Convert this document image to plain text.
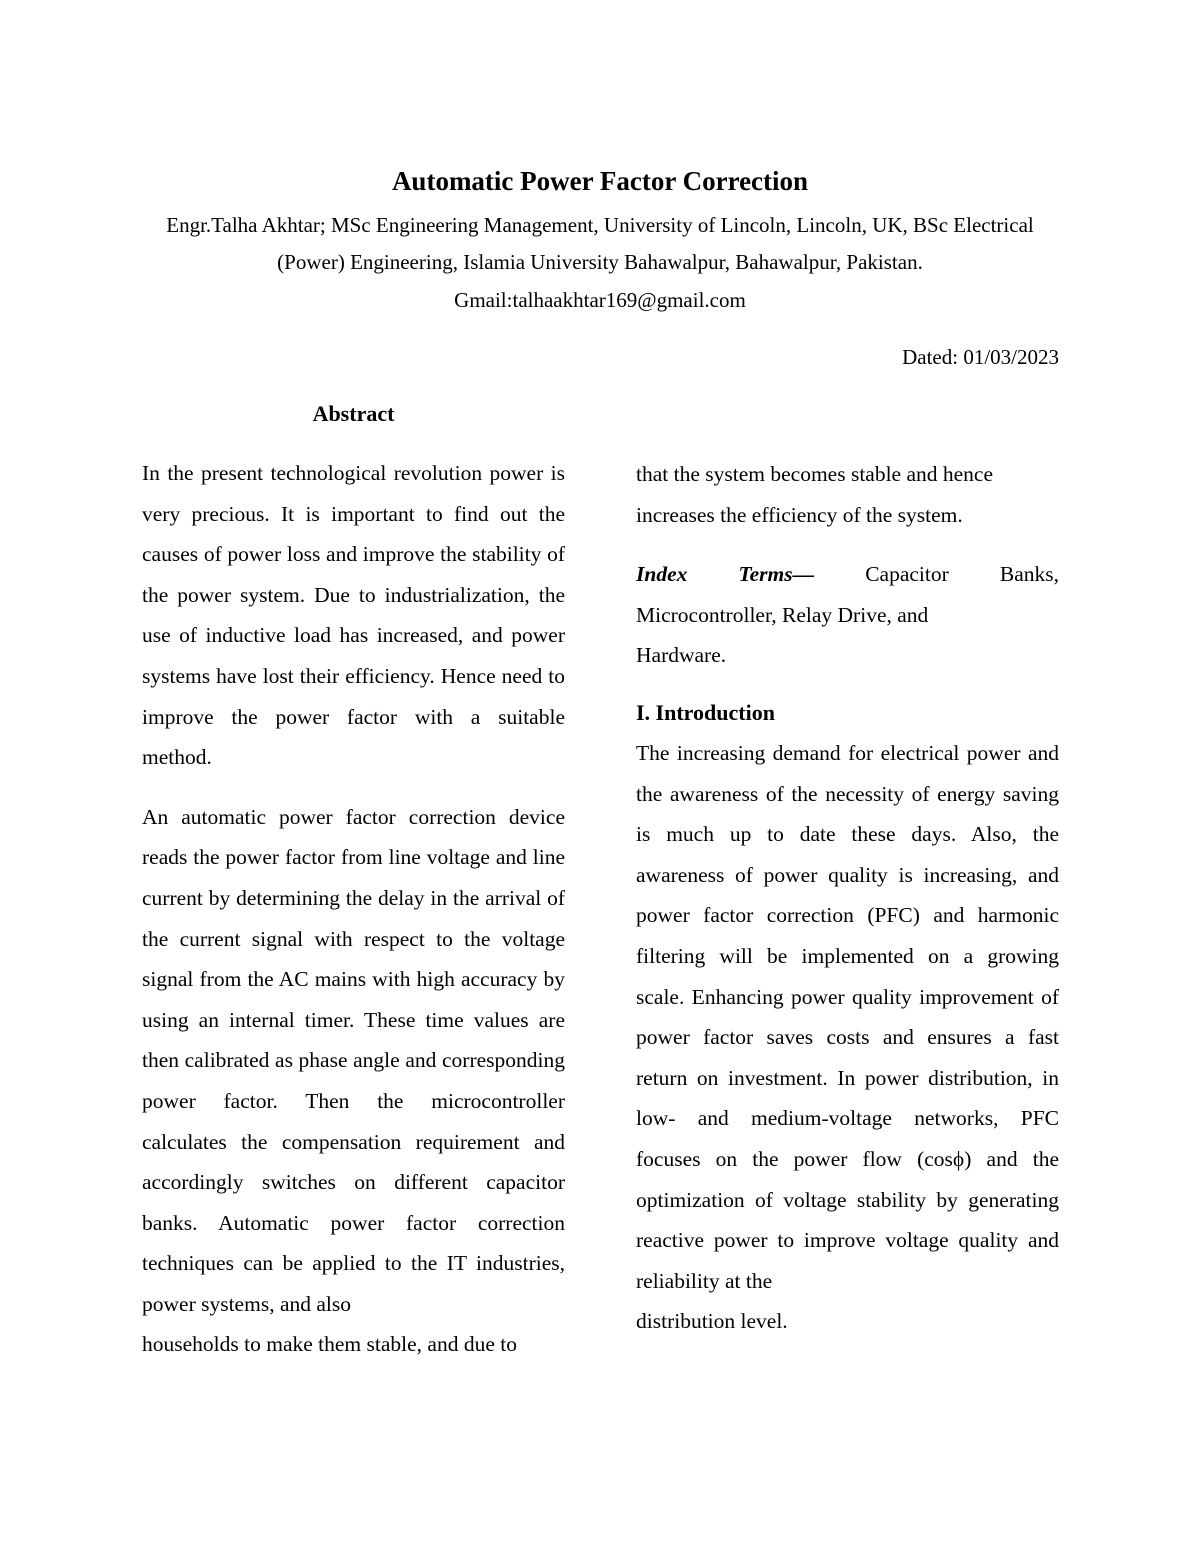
Automatic Power Factor Correction
Engr.Talha Akhtar; MSc Engineering Management, University of Lincoln, Lincoln, UK, BSc Electrical
(Power) Engineering, Islamia University Bahawalpur, Bahawalpur, Pakistan.
Gmail:talhaakhtar169@gmail.com
Dated: 01/03/2023
Abstract

In the present technological revolution power is very precious. It is important to find out the causes of power loss and improve the stability of the power system. Due to industrialization, the use of inductive load has increased, and power systems have lost their efficiency. Hence need to improve the power factor with a suitable method.

An automatic power factor correction device reads the power factor from line voltage and line current by determining the delay in the arrival of the current signal with respect to the voltage signal from the AC mains with high accuracy by using an internal timer. These time values are then calibrated as phase angle and corresponding power factor. Then the microcontroller calculates the compensation requirement and accordingly switches on different capacitor banks. Automatic power factor correction techniques can be applied to the IT industries, power systems, and also

households to make them stable, and due to

that the system becomes stable and hence

increases the efficiency of the system.

Index Terms— Capacitor Banks, Microcontroller, Relay Drive, and

Hardware.

I. Introduction

The increasing demand for electrical power and the awareness of the necessity of energy saving is much up to date these days. Also, the awareness of power quality is increasing, and power factor correction (PFC) and harmonic filtering will be implemented on a growing scale. Enhancing power quality improvement of power factor saves costs and ensures a fast return on investment. In power distribution, in low- and medium-voltage networks, PFC focuses on the power flow (cosϕ) and the optimization of voltage stability by generating reactive power to improve voltage quality and reliability at the

distribution level.
